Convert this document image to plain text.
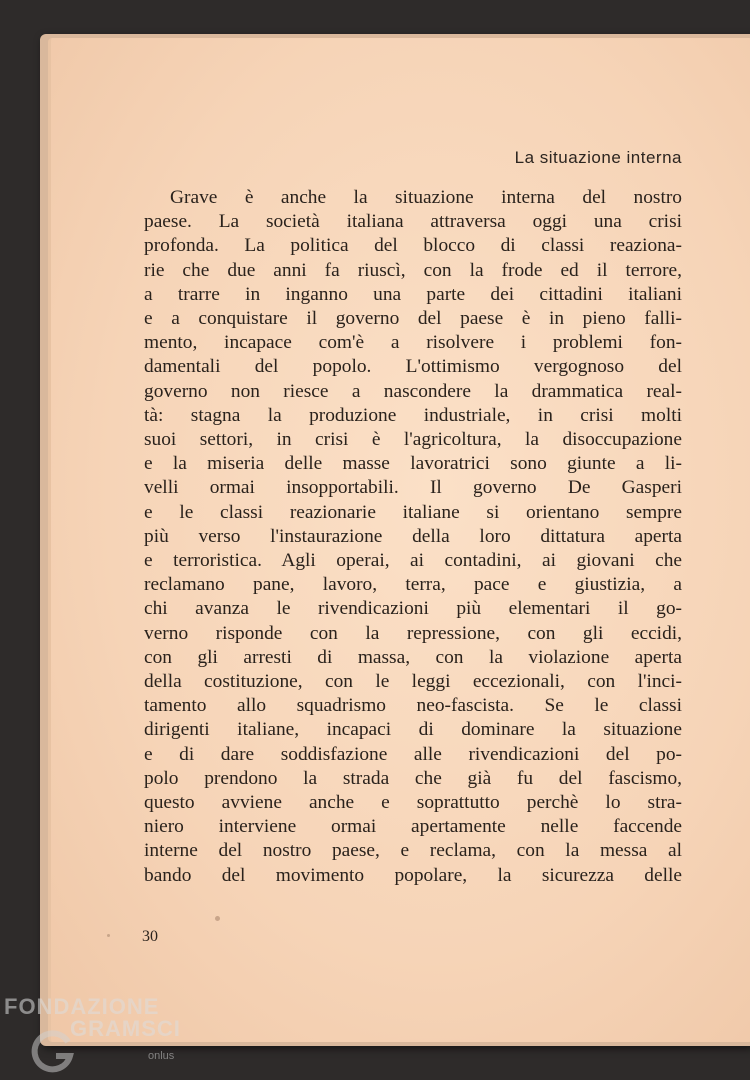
La situazione interna
Grave è anche la situazione interna del nostro
paese. La società italiana attraversa oggi una crisi
profonda. La politica del blocco di classi reaziona-
rie che due anni fa riuscì, con la frode ed il terrore,
a trarre in inganno una parte dei cittadini italiani
e a conquistare il governo del paese è in pieno falli-
mento, incapace com'è a risolvere i problemi fon-
damentali del popolo. L'ottimismo vergognoso del
governo non riesce a nascondere la drammatica real-
tà: stagna la produzione industriale, in crisi molti
suoi settori, in crisi è l'agricoltura, la disoccupazione
e la miseria delle masse lavoratrici sono giunte a li-
velli ormai insopportabili. Il governo De Gasperi
e le classi reazionarie italiane si orientano sempre
più verso l'instaurazione della loro dittatura aperta
e terroristica. Agli operai, ai contadini, ai giovani che
reclamano pane, lavoro, terra, pace e giustizia, a
chi avanza le rivendicazioni più elementari il go-
verno risponde con la repressione, con gli eccidi,
con gli arresti di massa, con la violazione aperta
della costituzione, con le leggi eccezionali, con l'inci-
tamento allo squadrismo neo-fascista. Se le classi
dirigenti italiane, incapaci di dominare la situazione
e di dare soddisfazione alle rivendicazioni del po-
polo prendono la strada che già fu del fascismo,
questo avviene anche e soprattutto perchè lo stra-
niero interviene ormai apertamente nelle faccende
interne del nostro paese, e reclama, con la messa al
bando del movimento popolare, la sicurezza delle
30
FONDAZIONE
GRAMSCI
onlus
